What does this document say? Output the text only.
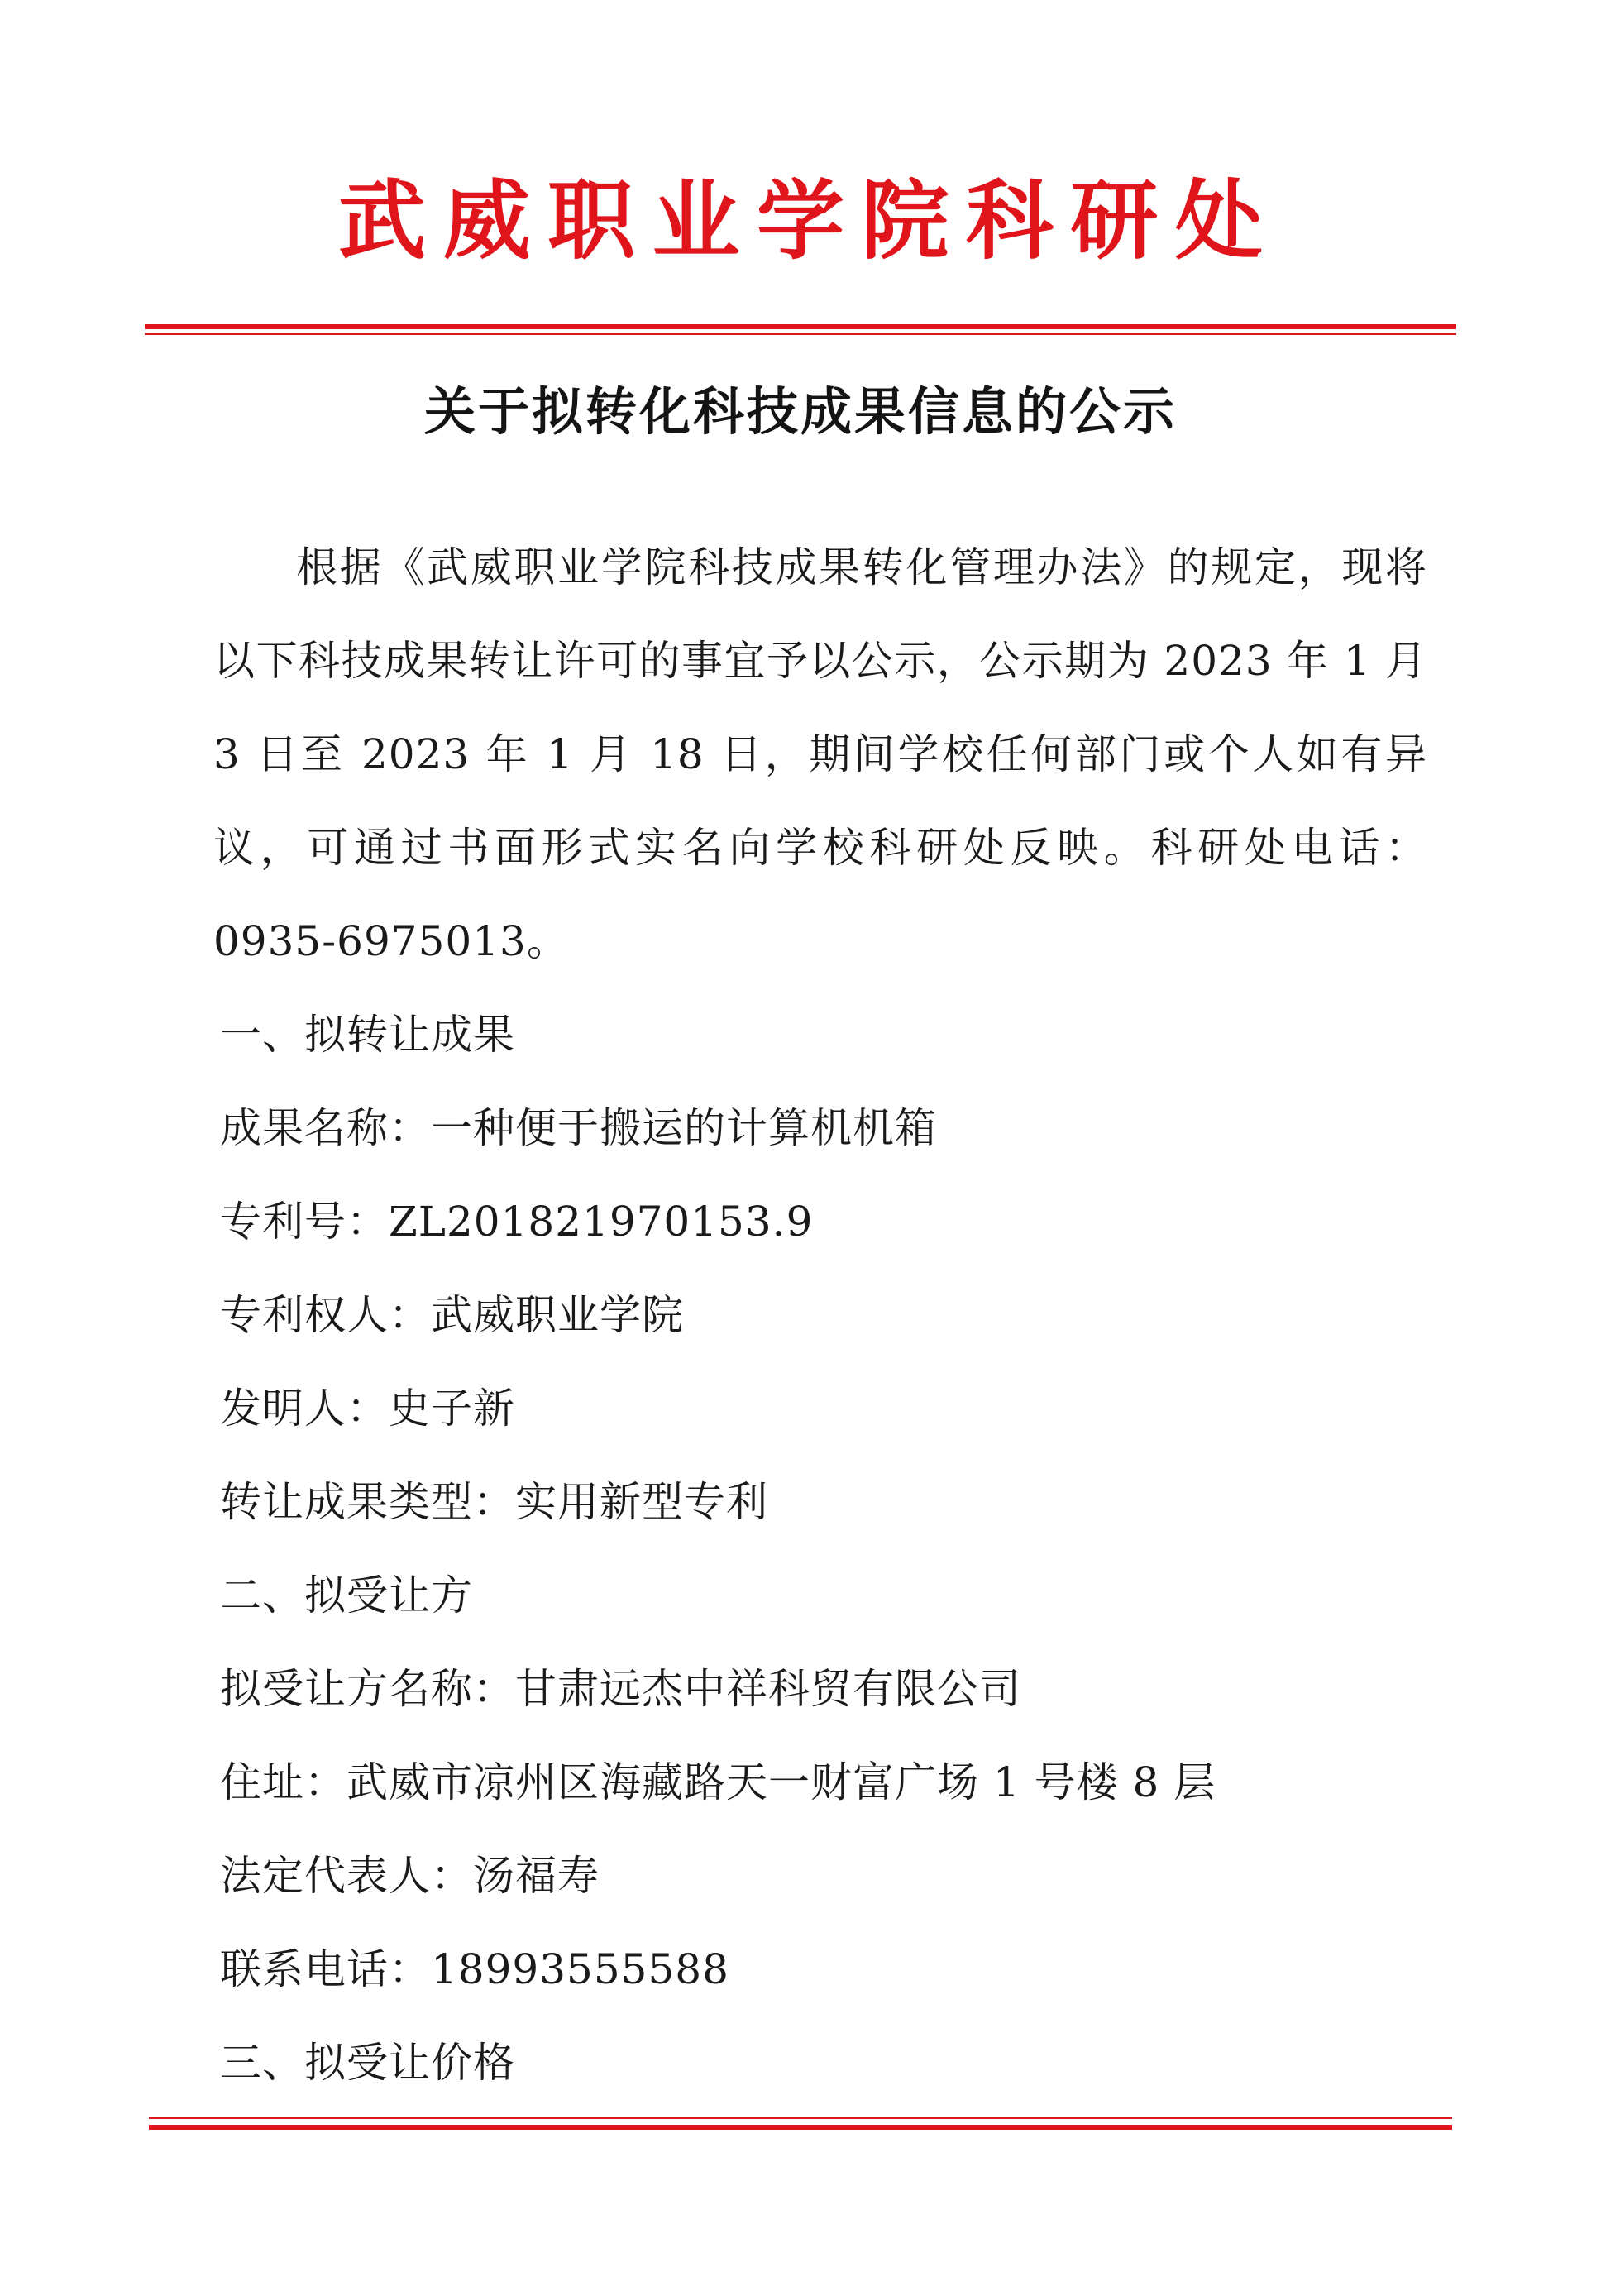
武威职业学院科研处
关于拟转化科技成果信息的公示

根据《武威职业学院科技成果转化管理办法》的规定，现将以下科技成果转让许可的事宜予以公示，公示期为 2023 年 1 月 3 日至 2023 年 1 月 18 日，期间学校任何部门或个人如有异议，可通过书面形式实名向学校科研处反映。科研处电话：0935-6975013。

一、拟转让成果

成果名称：一种便于搬运的计算机机箱

专利号：ZL201821970153.9

专利权人：武威职业学院

发明人：史子新

转让成果类型：实用新型专利

二、拟受让方

拟受让方名称：甘肃远杰中祥科贸有限公司

住址：武威市凉州区海藏路天一财富广场 1 号楼 8 层

法定代表人：汤福寿

联系电话：18993555588

三、拟受让价格
